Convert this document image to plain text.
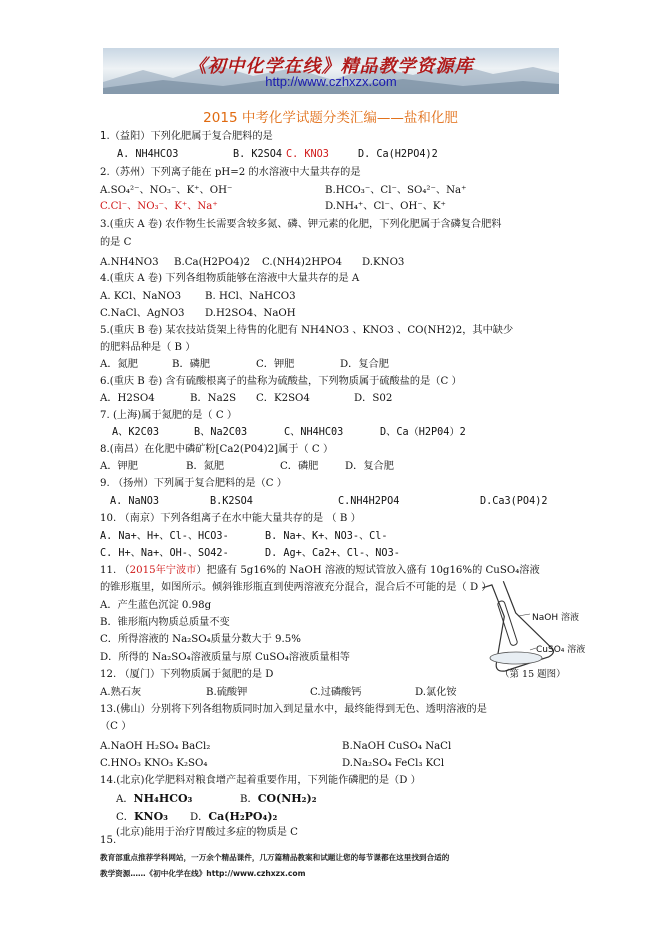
《初中化学在线》精品教学资源库
http://www.czhxzx.com
2015 中考化学试题分类汇编——盐和化肥
1.（益阳）下列化肥属于复合肥料的是
A. NH4HCO3	B. K2SO4 C. KNO3	D. Ca(H2PO4)2
2.（苏州）下列离子能在 pH=2 的水溶液中大量共存的是
A.SO₄²⁻、NO₃⁻、K⁺、OH⁻	B.HCO₃⁻、Cl⁻、SO₄²⁻、Na⁺
C.Cl⁻、NO₃⁻、K⁺、Na⁺	D.NH₄⁺、Cl⁻、OH⁻、K⁺
3.(重庆 A 卷) 农作物生长需要含较多氮、磷、钾元素的化肥，下列化肥属于含磷复合肥料
的是 C
A.NH4NO3 B.Ca(H2PO4)2 C.(NH4)2HPO4 D.KNO3
4.(重庆 A 卷) 下列各组物质能够在溶液中大量共存的是 A
A. KCl、NaNO3 B. HCl、NaHCO3
C.NaCl、AgNO3 D.H2SO4、NaOH
5.(重庆 B 卷) 某农技站货架上待售的化肥有 NH4NO3 、KNO3 、CO(NH2)2，其中缺少
的肥料品种是（ B ）
A．氮肥	B．磷肥	C．钾肥	D．复合肥
6.(重庆 B 卷) 含有硫酸根离子的盐称为硫酸盐，下列物质属于硫酸盐的是（C ）
A．H2SO4	B．Na2S C．K2SO4	D．S02
7. (上海)属于氮肥的是（ C ）
A、K2C03	B、Na2C03	C、NH4HC03	D、Ca（H2P04）2
8.(南昌）在化肥中磷矿粉[Ca2(P04)2]属于（ C ）
A．钾肥	B．氮肥	C．磷肥	D．复合肥
9. （扬州）下列属于复合肥料的是（C ）
A. NaNO3	B.K2SO4	C.NH4H2PO4	D.Ca3(PO4)2
10. （南京）下列各组离子在水中能大量共存的是 （ B ）
A. Na+、H+、Cl-、HCO3-	B. Na+、K+、NO3-、Cl-
C. H+、Na+、OH-、SO42-	D. Ag+、Ca2+、Cl-、NO3-
11. （2015年宁波市）把盛有 5g16%的 NaOH 溶液的短试管放入盛有 10g16%的 CuSO₄溶液
的锥形瓶里，如图所示。倾斜锥形瓶直到使两溶液充分混合，混合后不可能的是（ D ）
A．产生蓝色沉淀 0.98g
B．锥形瓶内物质总质量不变
C．所得溶液的 Na₂SO₄质量分数大于 9.5%
D．所得的 Na₂SO₄溶液质量与原 CuSO₄溶液质量相等
NaOH 溶液
CuSO₄ 溶液
（第 15 题图）
12. （厦门）下列物质属于氮肥的是 D
A.熟石灰	B.硫酸钾	C.过磷酸钙	D.氯化铵
13.(佛山）分别将下列各组物质同时加入到足量水中，最终能得到无色、透明溶液的是
（C ）
A.NaOH H₂SO₄ BaCl₂	B.NaOH CuSO₄ NaCl
C.HNO₃ KNO₃ K₂SO₄	D.Na₂SO₄ FeCl₃ KCl
14.(北京)化学肥料对粮食增产起着重要作用，下列能作磷肥的是（D ）
A．NH₄HCO₃	B．CO(NH₂)₂
C．KNO₃ D．Ca(H₂PO₄)₂
15.
(北京)能用于治疗胃酸过多症的物质是 C
教育部重点推荐学科网站，一万余个精品课件，几万篇精品教案和试题让您的每节课都在这里找到合适的
教学资源……《初中化学在线》http://www.czhxzx.com
